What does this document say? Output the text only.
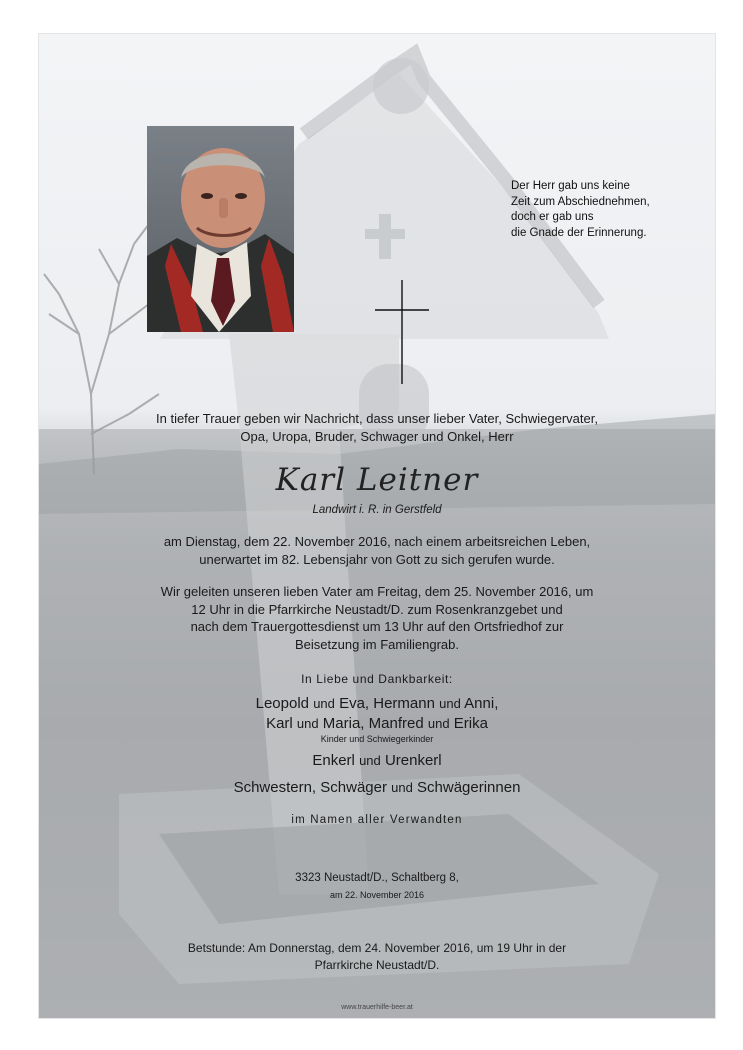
Der Herr gab uns keine
Zeit zum Abschiednehmen,
doch er gab uns
die Gnade der Erinnerung.
In tiefer Trauer geben wir Nachricht, dass unser lieber Vater, Schwiegervater,
Opa, Uropa, Bruder, Schwager und Onkel, Herr
Karl Leitner
Landwirt i. R. in Gerstfeld
am Dienstag, dem 22. November 2016, nach einem arbeitsreichen Leben,
unerwartet im 82. Lebensjahr von Gott zu sich gerufen wurde.
Wir geleiten unseren lieben Vater am Freitag, dem 25. November 2016, um
12 Uhr in die Pfarrkirche Neustadt/D. zum Rosenkranzgebet und
nach dem Trauergottesdienst um 13 Uhr auf den Ortsfriedhof zur
Beisetzung im Familiengrab.
In Liebe und Dankbarkeit:
Leopold und Eva, Hermann und Anni,
Karl und Maria, Manfred und Erika
Kinder und Schwiegerkinder
Enkerl und Urenkerl
Schwestern, Schwäger und Schwägerinnen
im Namen aller Verwandten
3323 Neustadt/D., Schaltberg 8,
am 22. November 2016
Betstunde: Am Donnerstag, dem 24. November 2016, um 19 Uhr in der
Pfarrkirche Neustadt/D.
www.trauerhilfe-beer.at
